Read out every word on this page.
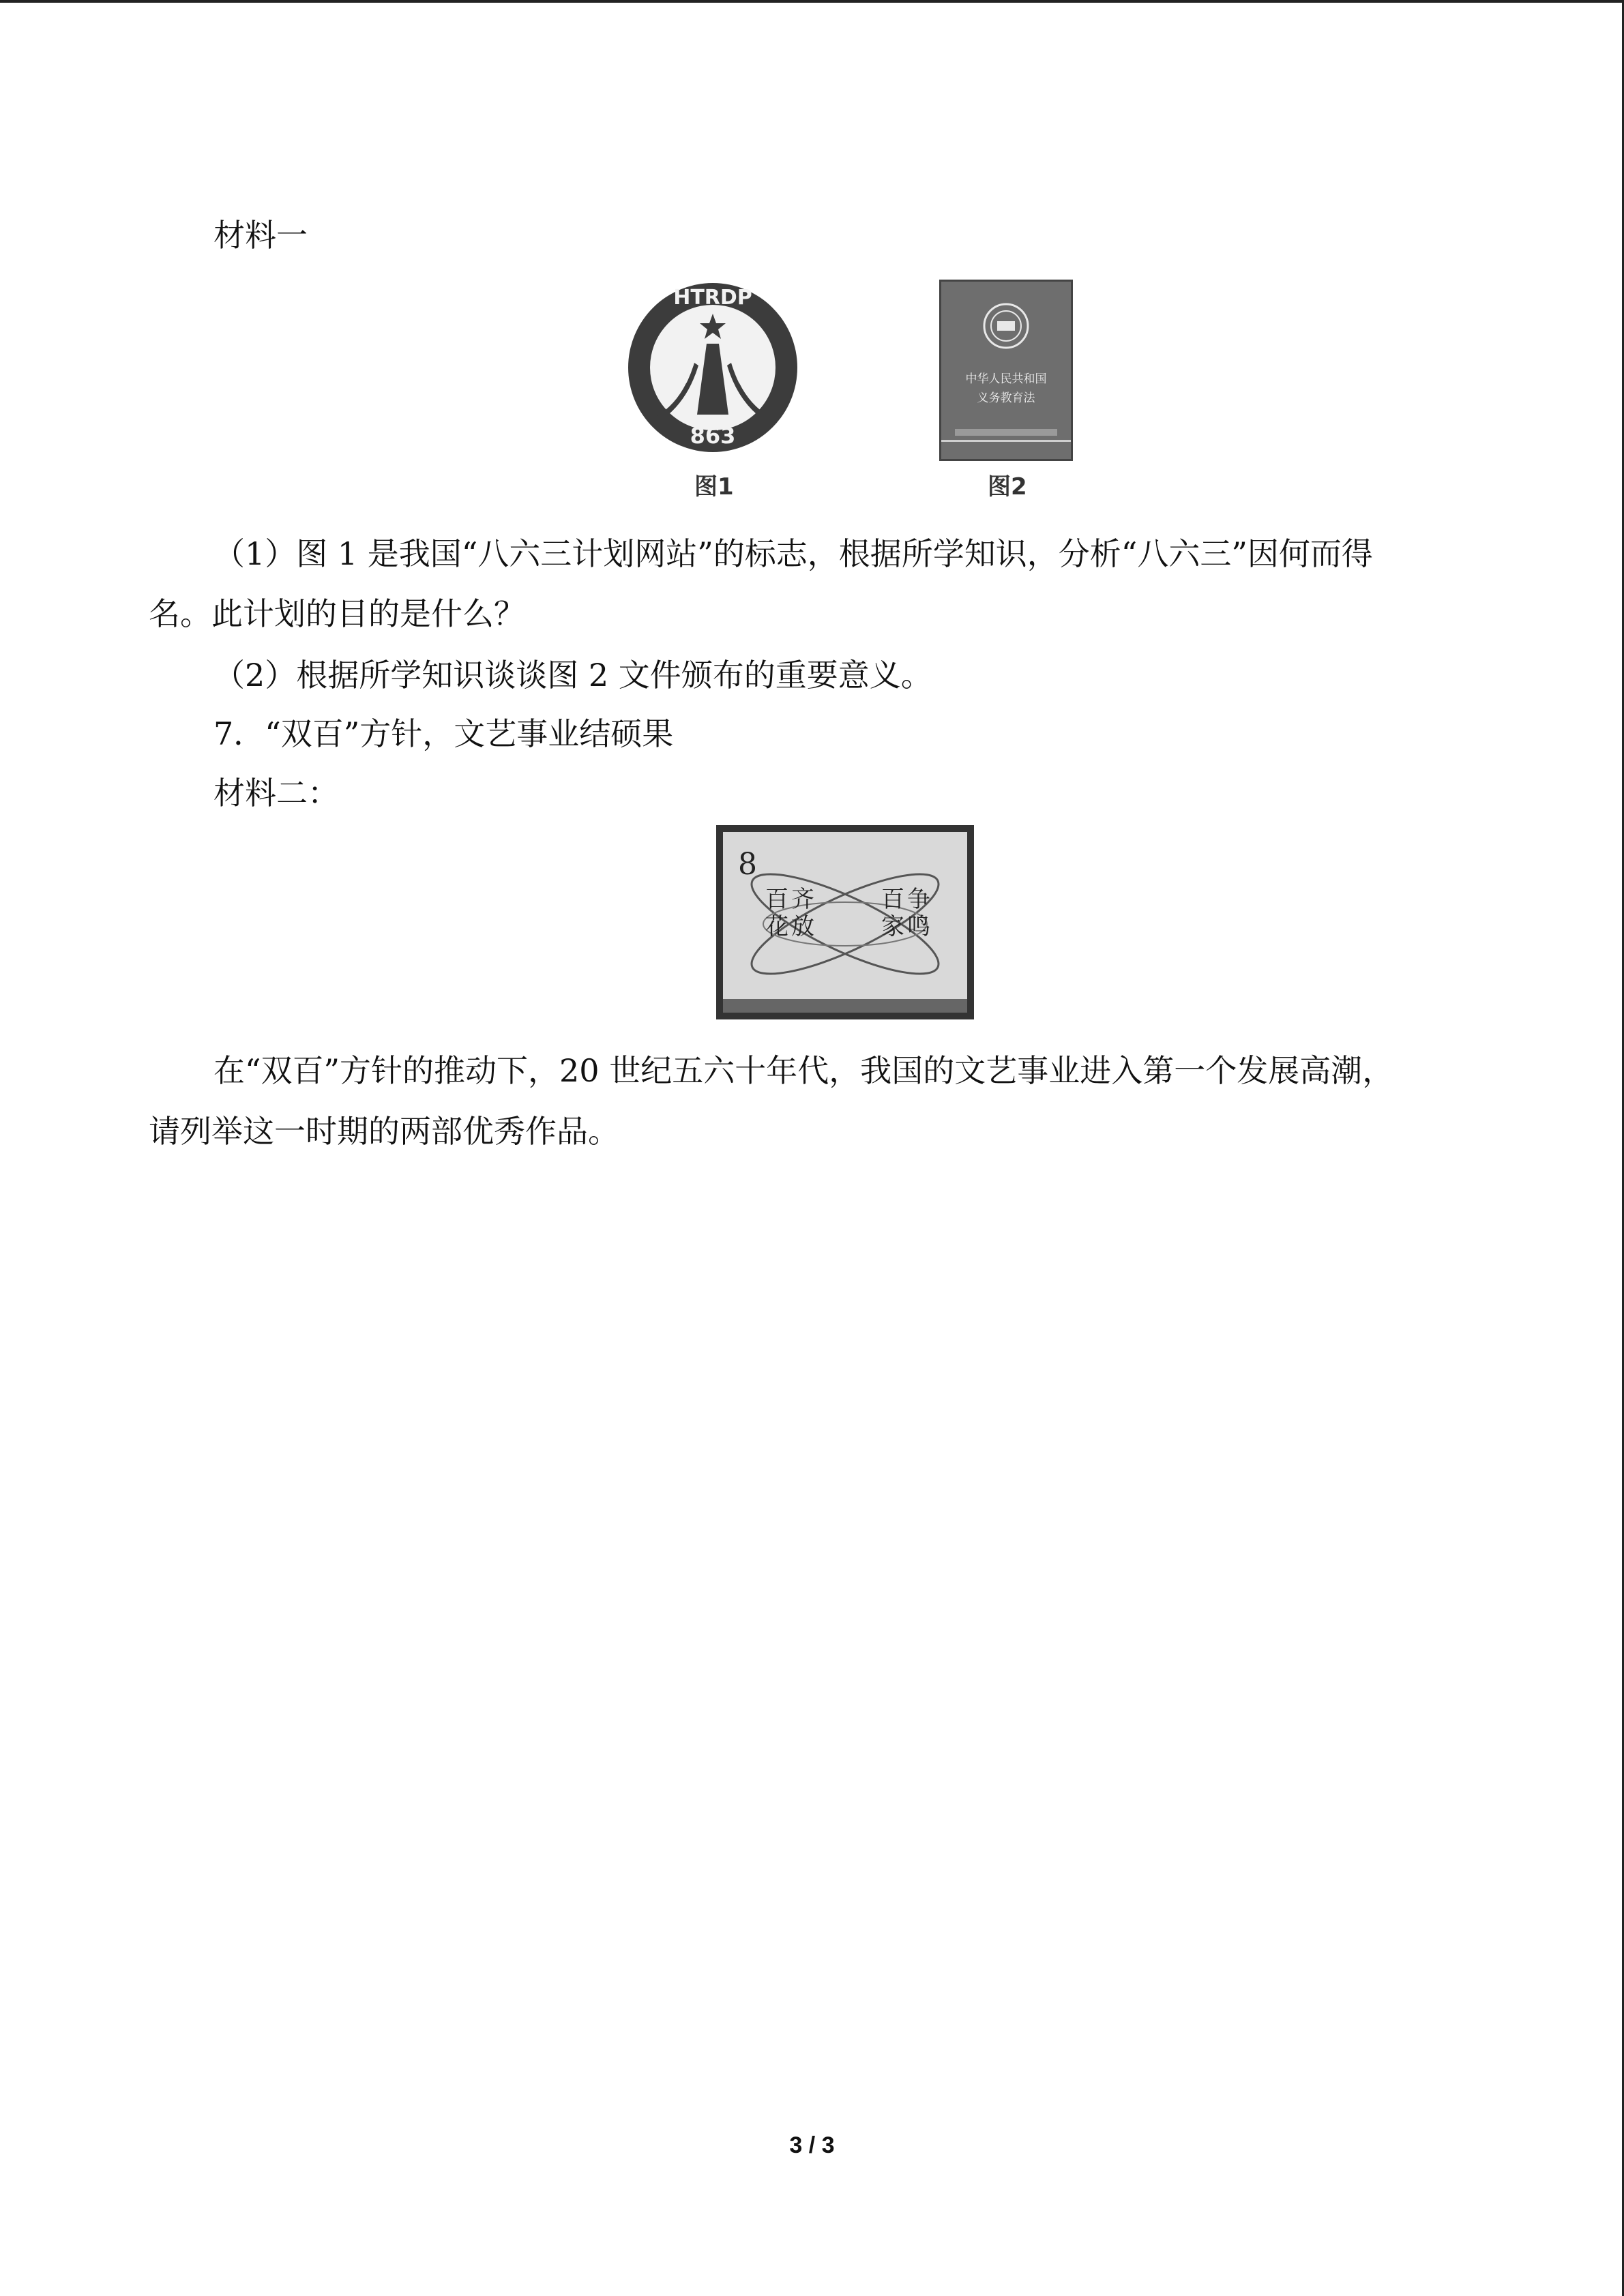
材料一
HTRDP
863
图1
中华人民共和国
义务教育法
图2
（1）图 1 是我国“八六三计划网站”的标志，根据所学知识，分析“八六三”因何而得
名。此计划的目的是什么？
（2）根据所学知识谈谈图 2 文件颁布的重要意义。
7．“双百”方针，文艺事业结硕果
材料二：
8
百
花
齐
放
百
家
争
鸣
在“双百”方针的推动下，20 世纪五六十年代，我国的文艺事业进入第一个发展高潮，
请列举这一时期的两部优秀作品。
3 / 3
